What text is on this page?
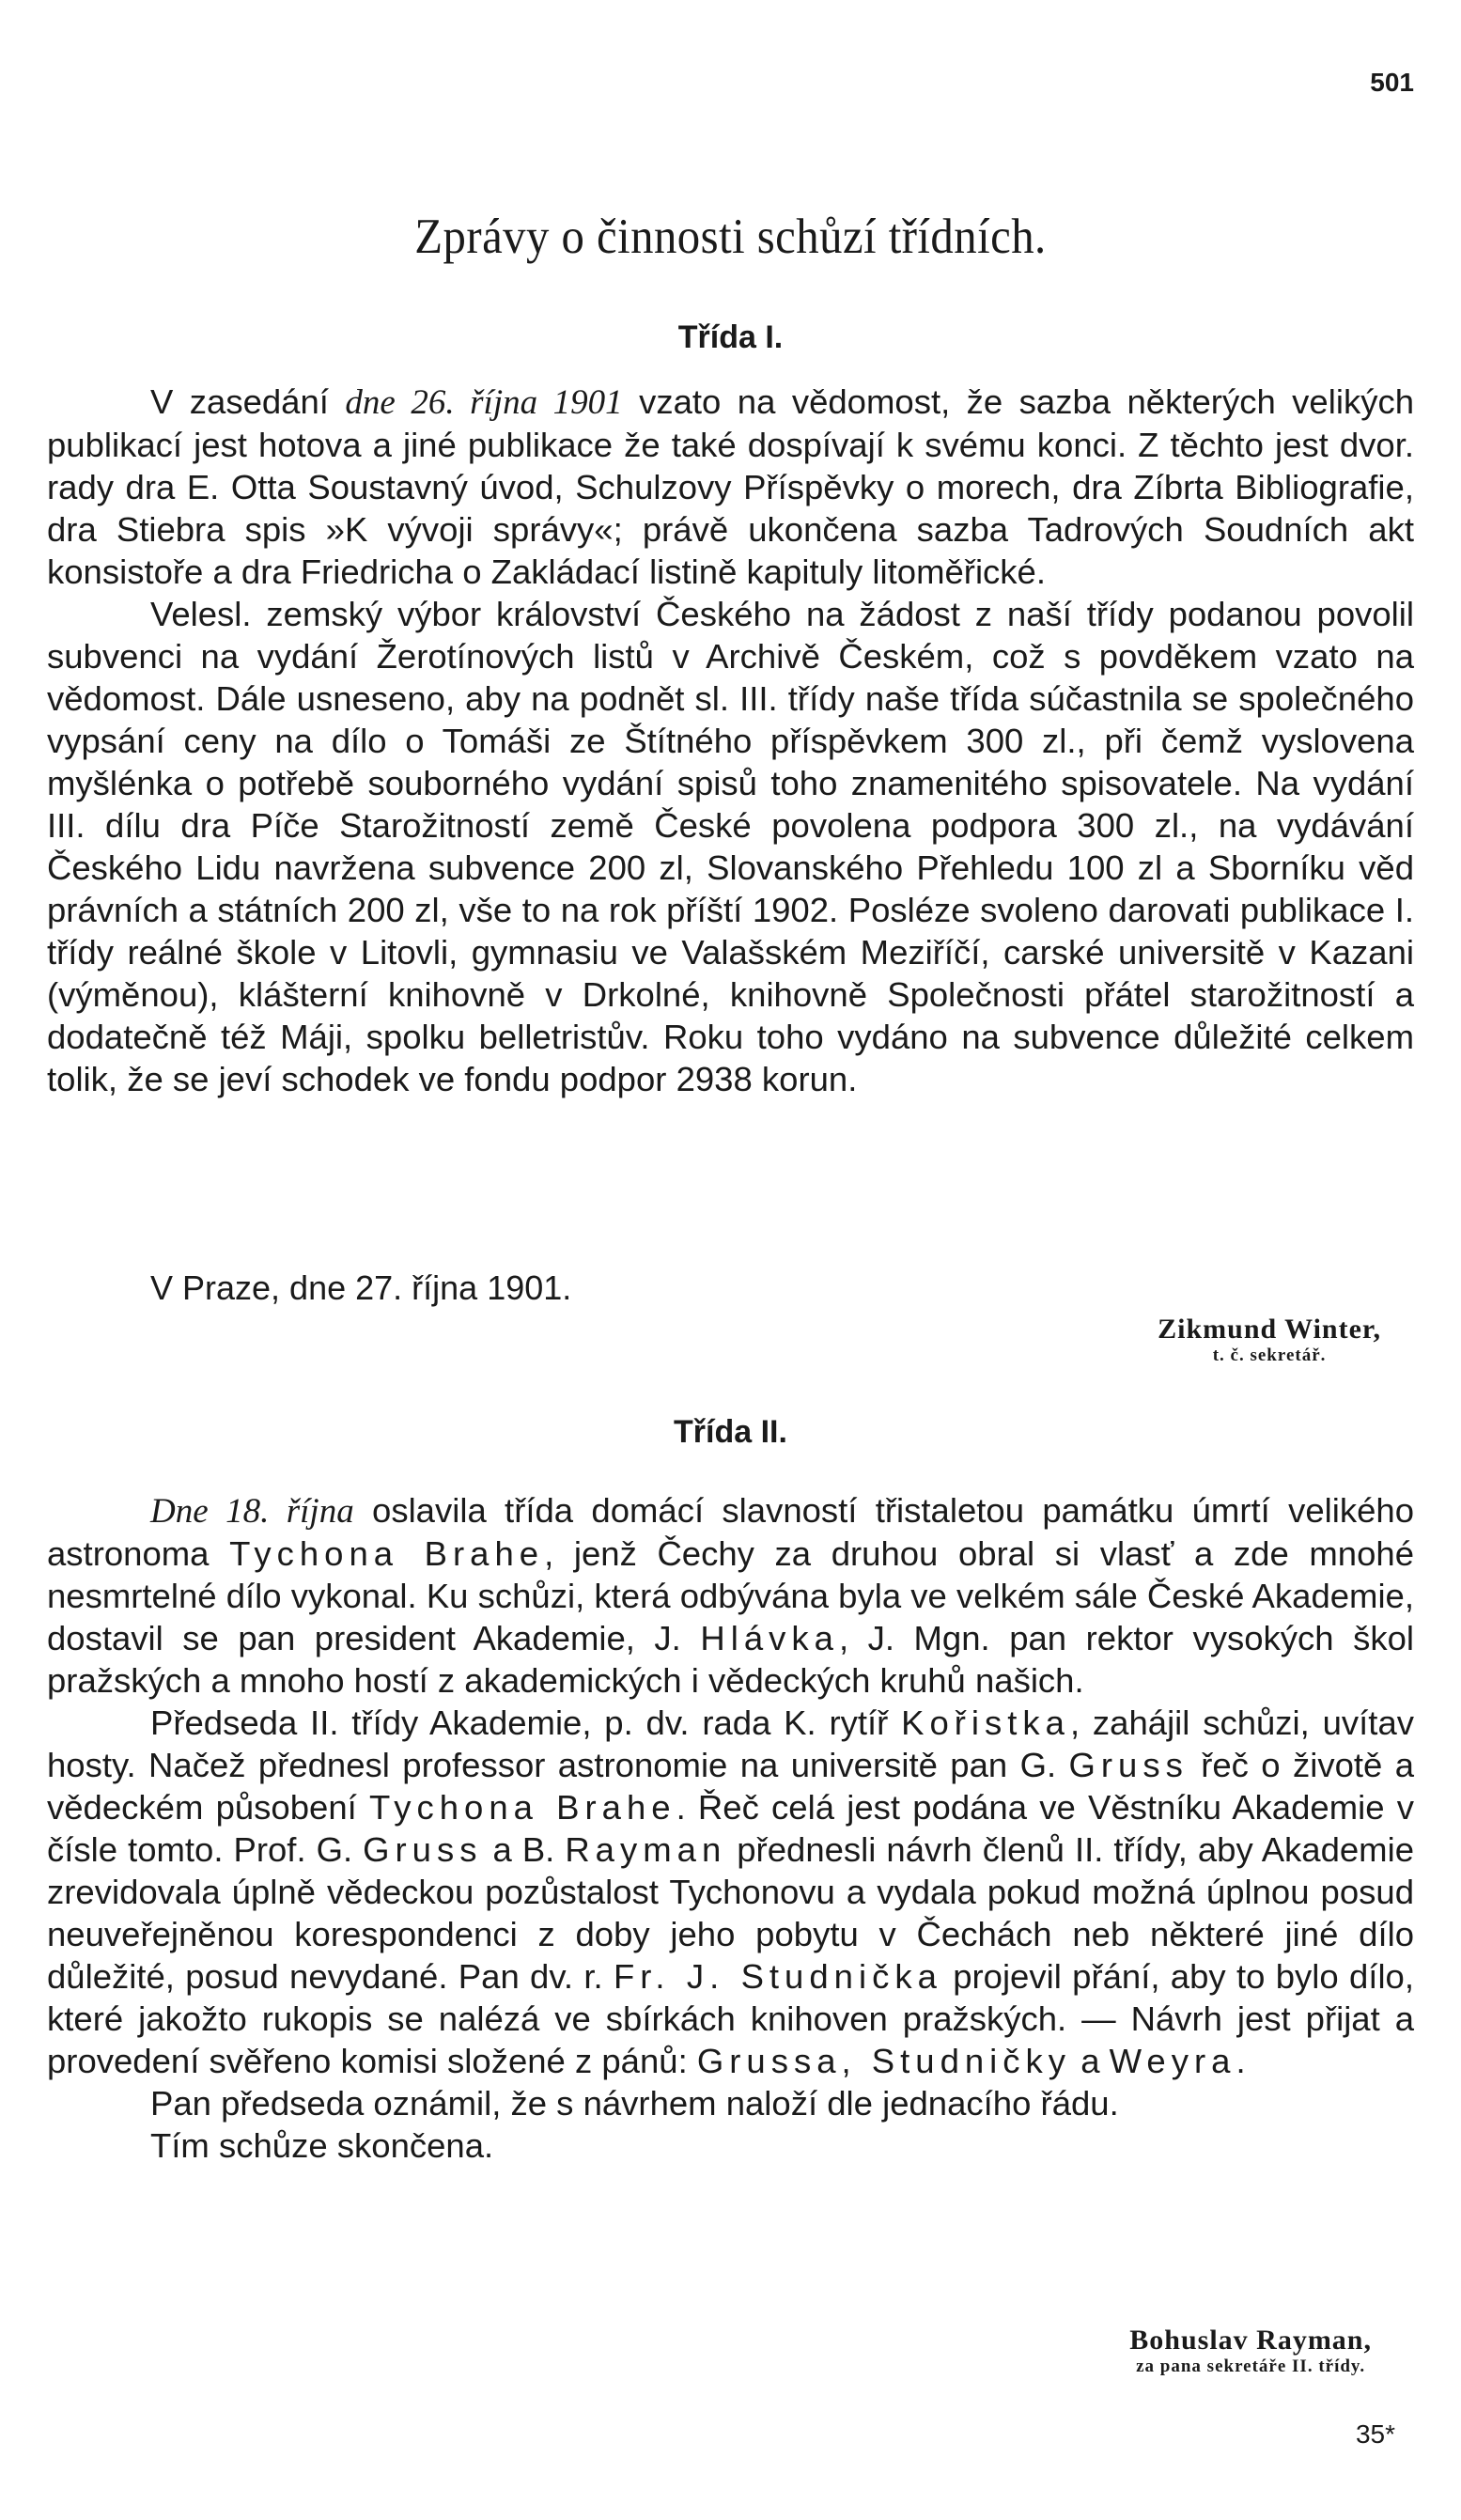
501
Zprávy o činnosti schůzí třídních.
Třída I.

V zasedání dne 26. října 1901 vzato na vědomost, že sazba některých velikých publikací jest hotova a jiné publikace že také dospívají k svému konci. Z těchto jest dvor. rady dra E. Otta Soustavný úvod, Schulzovy Příspěvky o morech, dra Zíbrta Bibliografie, dra Stiebra spis »K vývoji správy«; právě ukončena sazba Tadrových Soudních akt konsistoře a dra Friedricha o Zakládací listině kapituly litoměřické.

Velesl. zemský výbor království Českého na žádost z naší třídy podanou povolil subvenci na vydání Žerotínových listů v Archivě Českém, což s povděkem vzato na vědomost. Dále usneseno, aby na podnět sl. III. třídy naše třída súčastnila se společného vypsání ceny na dílo o Tomáši ze Štítného příspěvkem 300 zl., při čemž vyslovena myšlénka o potřebě souborného vydání spisů toho znamenitého spisovatele. Na vydání III. dílu dra Píče Starožitností země České povolena podpora 300 zl., na vydávání Českého Lidu navržena subvence 200 zl, Slovanského Přehledu 100 zl a Sborníku věd právních a státních 200 zl, vše to na rok příští 1902. Posléze svoleno darovati publikace I. třídy reálné škole v Litovli, gymnasiu ve Valašském Meziříčí, carské universitě v Kazani (výměnou), klášterní knihovně v Drkolné, knihovně Společnosti přátel starožitností a dodatečně též Máji, spolku belletristův. Roku toho vydáno na subvence důležité celkem tolik, že se jeví schodek ve fondu podpor 2938 korun.

V Praze, dne 27. října 1901.
Zikmund Winter,
t. č. sekretář.
Třída II.

Dne 18. října oslavila třída domácí slavností třistaletou památku úmrtí velikého astronoma Tychona Brahe, jenž Čechy za druhou obral si vlasť a zde mnohé nesmrtelné dílo vykonal. Ku schůzi, která odbývána byla ve velkém sále České Akademie, dostavil se pan president Akademie, J. Hlávka, J. Mgn. pan rektor vysokých škol pražských a mnoho hostí z akademických i vědeckých kruhů našich.

Předseda II. třídy Akademie, p. dv. rada K. rytíř Kořistka, zahájil schůzi, uvítav hosty. Načež přednesl professor astronomie na universitě pan G. Gruss řeč o životě a vědeckém působení Tychona Brahe. Řeč celá jest podána ve Věstníku Akademie v čísle tomto. Prof. G. Gruss a B. Rayman přednesli návrh členů II. třídy, aby Akademie zrevidovala úplně vědeckou pozůstalost Tychonovu a vydala pokud možná úplnou posud neuveřejněnou korespondenci z doby jeho pobytu v Čechách neb některé jiné dílo důležité, posud nevydané. Pan dv. r. Fr. J. Studnička projevil přání, aby to bylo dílo, které jakožto rukopis se nalézá ve sbírkách knihoven pražských. — Návrh jest přijat a provedení svěřeno komisi složené z pánů: Grussa, Studničky a Weyra.

Pan předseda oznámil, že s návrhem naloží dle jednacího řádu.

Tím schůze skončena.

Bohuslav Rayman,
za pana sekretáře II. třídy.
35*
